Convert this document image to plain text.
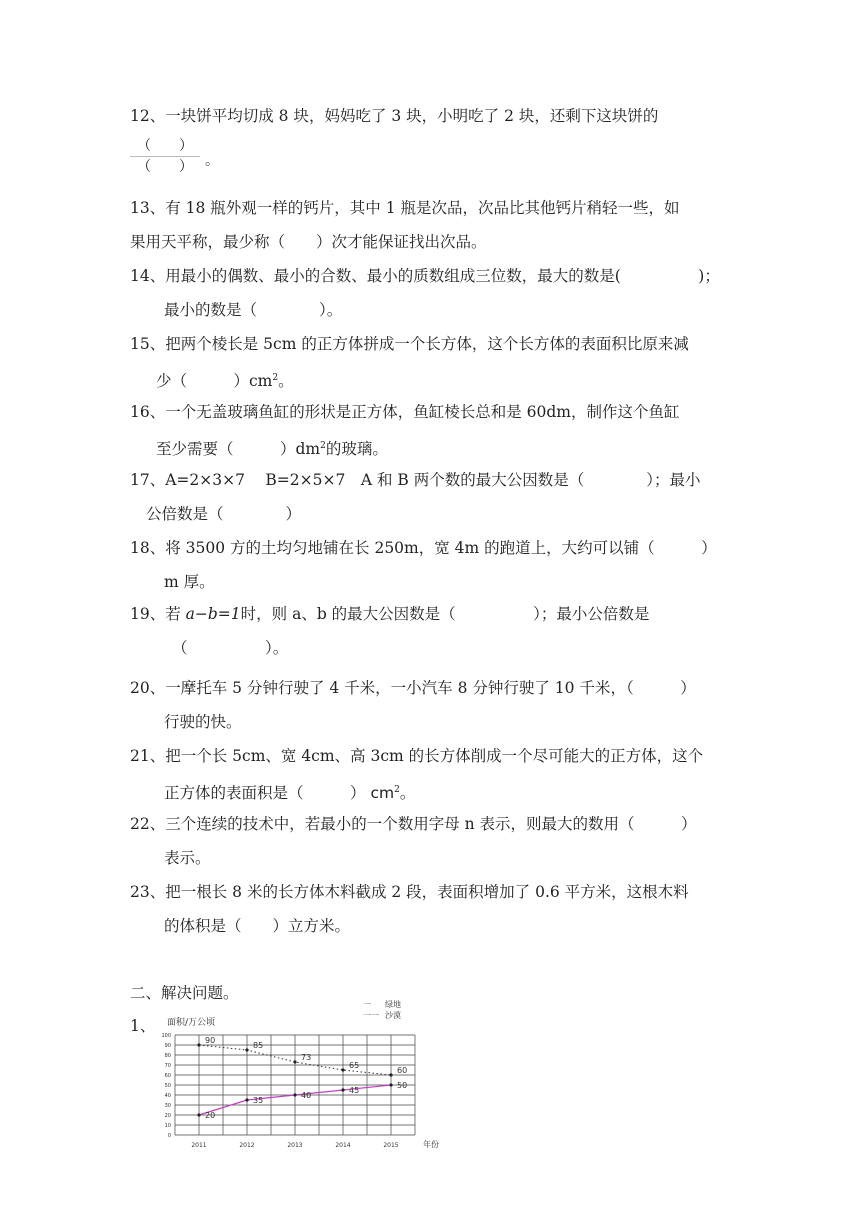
12、一块饼平均切成 8 块，妈妈吃了 3 块，小明吃了 2 块，还剩下这块饼的
（　　）
（　　） 。
13、有 18 瓶外观一样的钙片，其中 1 瓶是次品，次品比其他钙片稍轻一些，如
果用天平称，最少称（　　）次才能保证找出次品。
14、用最小的偶数、最小的合数、最小的质数组成三位数，最大的数是(　　　　　)；
最小的数是（　　　　）。
15、把两个棱长是 5cm 的正方体拼成一个长方体，这个长方体的表面积比原来减
少（　　　）$cm^2$。
16、一个无盖玻璃鱼缸的形状是正方体，鱼缸棱长总和是 60dm，制作这个鱼缸
至少需要（　　　）$dm^2$的玻璃。
17、A=2×3×7　 B=2×5×7　A 和 B 两个数的最大公因数是（　　　　）；最小
公倍数是（　　　　）
18、将 3500 方的土均匀地铺在长 250m，宽 4m 的跑道上，大约可以铺（　　　）
m 厚。
19、若 a−b=1时，则 a、b 的最大公因数是（　　　　　）；最小公倍数是
（　　　　　）。
20、一摩托车 5 分钟行驶了 4 千米，一小汽车 8 分钟行驶了 10 千米，（　　　）
行驶的快。
21、把一个长 5cm、宽 4cm、高 3cm 的长方体削成一个尽可能大的正方体，这个
正方体的表面积是（　　　） $cm^2$。
22、三个连续的技术中，若最小的一个数用字母 n 表示，则最大的数用（　　　）
表示。
23、把一根长 8 米的长方体木料截成 2 段，表面积增加了 0.6 平方米，这根木料
的体积是（　　）立方米。
二、解决问题。
1、
0
10
20
30
40
50
60
70
80
90
100
2011	2012	2013	2014	2015
面积/万公顷
年份
一 绿地
一一 沙漠
20
35
40
45
50
90
85
73
65
60
